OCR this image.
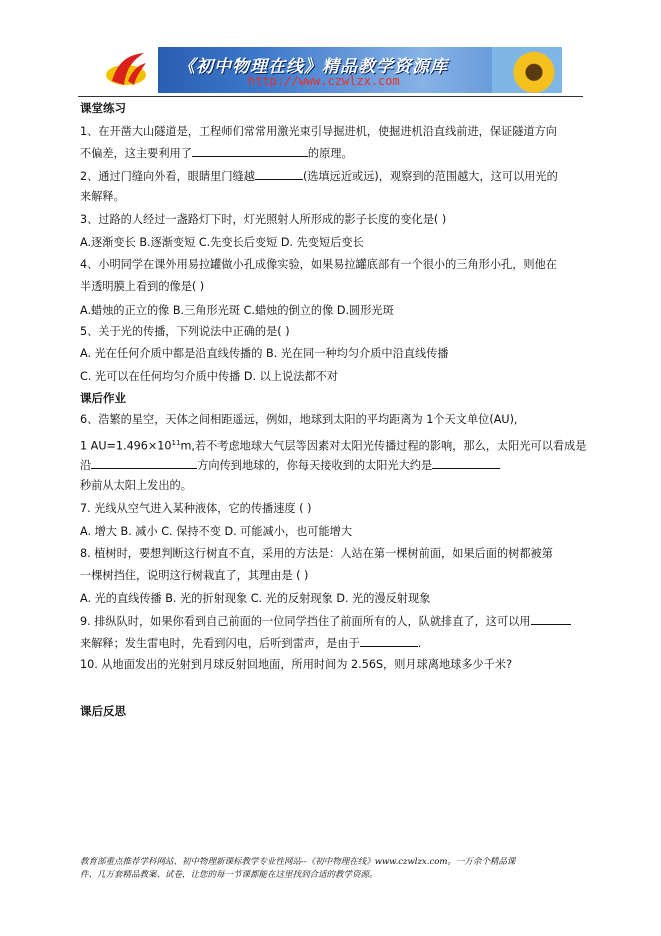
《初中物理在线》精品教学资源库
http://www.czwlzx.com
课堂练习
1、在开凿大山隧道是，工程师们常常用激光束引导掘进机，使掘进机沿直线前进，保证隧道方向
不偏差，这主要利用了	的原理。
2、通过门缝向外看，眼睛里门缝越	(选填远近或远)，观察到的范围越大，这可以用光的
来解释。
3、过路的人经过一盏路灯下时，灯光照射人所形成的影子长度的变化是( )
A.逐渐变长 B.逐渐变短 C.先变长后变短 D. 先变短后变长
4、小明同学在课外用易拉罐做小孔成像实验，如果易拉罐底部有一个很小的三角形小孔，则他在
半透明膜上看到的像是( )
A.蜡烛的正立的像 B.三角形光斑 C.蜡烛的倒立的像 D.圆形光斑
5、关于光的传播，下列说法中正确的是( )
A. 光在任何介质中都是沿直线传播的 B. 光在同一种均匀介质中沿直线传播
C. 光可以在任何均匀介质中传播 D. 以上说法都不对
课后作业
6、浩繁的星空，天体之间相距遥远，例如，地球到太阳的平均距离为 1个天文单位(AU),
1 $AU=1.496\times 10^{11}m$,若不考虑地球大气层等因素对太阳光传播过程的影响，那么，太阳光可以看成是
沿	方向传到地球的，你每天接收到的太阳光大约是
秒前从太阳上发出的。
7. 光线从空气进入某种液体，它的传播速度 ( )
A. 增大 B. 减小 C. 保持不变 D. 可能减小，也可能增大
8. 植树时，要想判断这行树直不直，采用的方法是：人站在第一棵树前面，如果后面的树都被第
一棵树挡住，说明这行树栽直了，其理由是 ( )
A. 光的直线传播 B. 光的折射现象 C. 光的反射现象 D. 光的漫反射现象
9. 排纵队时，如果你看到自己前面的一位同学挡住了前面所有的人，队就排直了，这可以用
来解释；发生雷电时，先看到闪电，后听到雷声，是由于	.
10. 从地面发出的光射到月球反射回地面，所用时间为 2.56S，则月球离地球多少千米?
课后反思
教育部重点推荐学科网站、初中物理新课标教学专业性网站--《初中物理在线》www.czwlzx.com。一万余个精品课
件、几万套精品教案、试卷，让您的每一节课都能在这里找到合适的教学资源。
